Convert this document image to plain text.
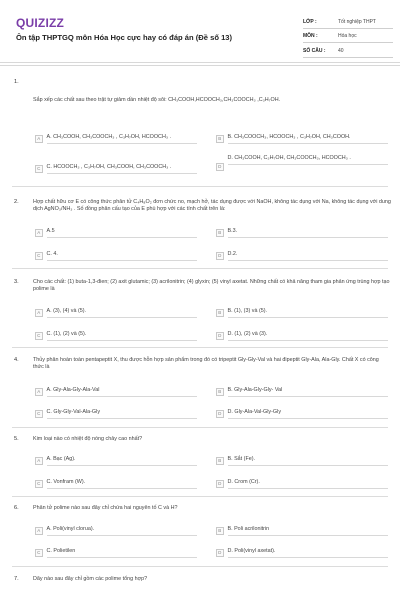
QUIZIZZ
Ôn tập THPTGQ môn Hóa Học cực hay có đáp án (Đề số 13)
LỚP :	Tốt nghiệp THPT
MÔN :	Hóa học
SỐ CÂU :	40
1.
Sắp xếp các chất sau theo trật tự giảm dần nhiệt độ sôi: CH₃COOH,HCOOCH₃,CH₃COOCH₃ ,C₃H₇OH.
A	A. CH₃COOH, CH₃COOCH₃ , C₃H₇OH, HCOOCH₃ .	B	B. CH₃COOCH₃, HCOOCH₃ , C₃H₇OH, CH₃COOH.
C	C. HCOOCH₃ , C₃H₇OH, CH₃COOH, CH₃COOCH₃ .	D
D. CH₃COOH, C₃H₇OH, CH₃COOCH₃, HCOOCH₃ .
2.	Hợp chất hữu cơ E có công thức phân tử C₄H₈O₂ đơn chức no, mạch hở, tác dụng được với NaOH, không tác dụng với Na, không tác dụng với dung dịch AgNO₃/NH₃ . Số đồng phân cấu tạo của E phù hợp với các tính chất trên là:
A	A.5	B	B.3.
C	C. 4.	D	D.2.
3.	Cho các chất: (1) buta-1,3-đien; (2) axit glutamic; (3) acrilonitrin; (4) glyxin; (5) vinyl axetat. Những chất có khả năng tham gia phản ứng trùng hợp tạo polime là
A	A. (3), (4) và (5).	B	B. (1), (3) và (5).
C	C. (1), (2) và (5).	D	D. (1), (2) và (3).
4.	Thủy phân hoàn toàn pentapeptit X, thu được hỗn hợp sản phẩm trong đó có tripeptit Gly-Gly-Val và hai đipeptit Gly-Ala, Ala-Gly. Chất X có công thức là
A	A. Gly-Ala-Gly-Ala-Val	B	B. Gly-Ala-Gly-Gly- Val
C	C. Gly-Gly-Val-Ala-Gly	D	D. Gly-Ala-Val-Gly-Gly
5.	Kim loại nào có nhiệt độ nóng chảy cao nhất?
A	A. Bạc (Ag).	B	B. Sắt (Fe).
C	C. Vonfram (W).	D	D. Crom (Cr).
6.	Phân tử polime nào sau đây chỉ chứa hai nguyên tố C và H?
A	A. Poli(vinyl clorua).	B	B. Poli acrilonitrin
C	C. Polietilen	D	D. Poli(vinyl axetat).
7.	Dãy nào sau đây chỉ gồm các polime tổng hợp?
